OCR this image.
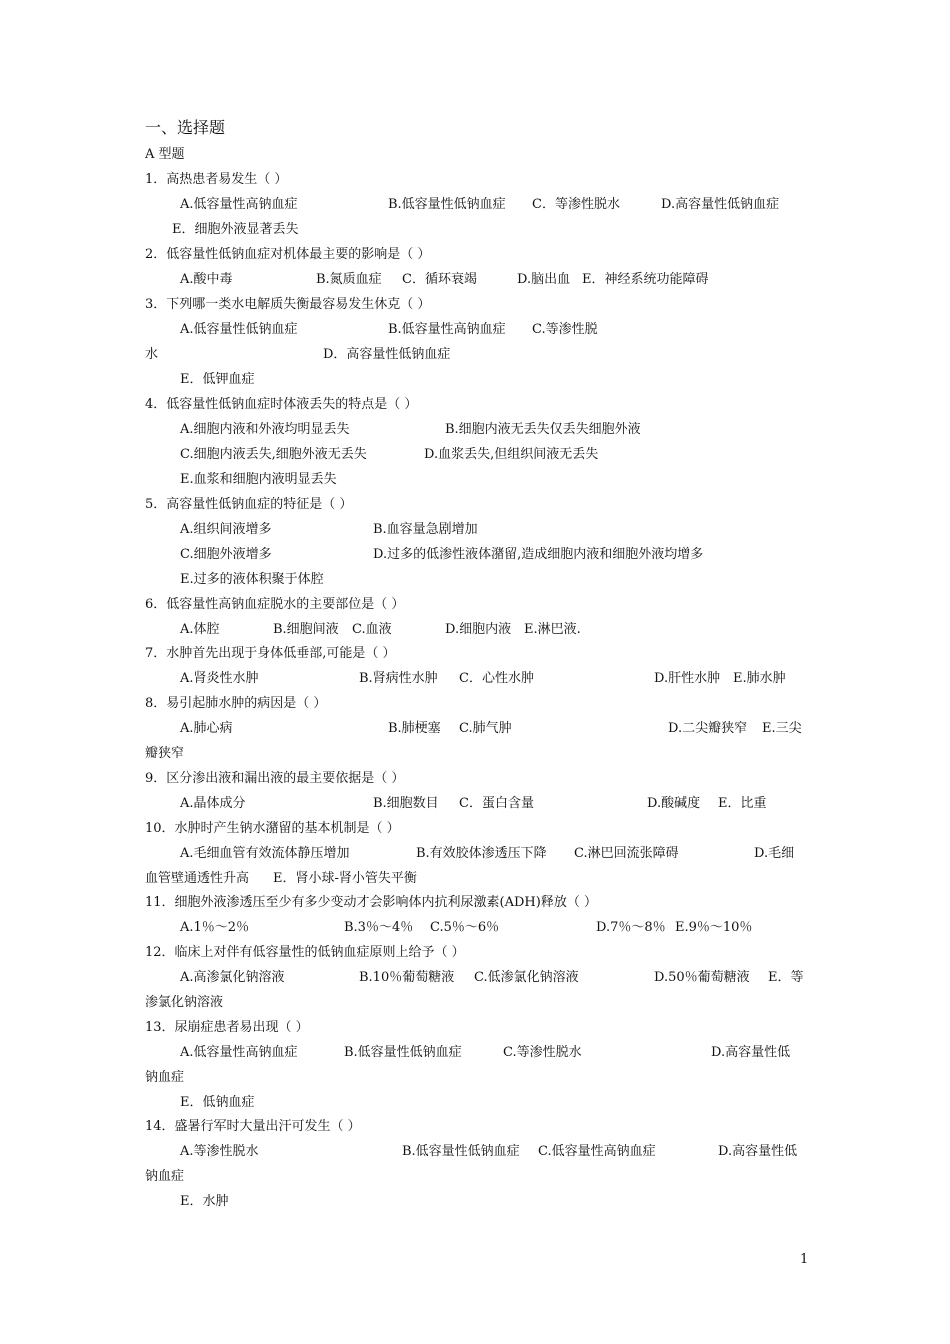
一、选择题
A 型题
1．高热患者易发生（ ）
A.低容量性高钠血症	B.低容量性低钠血症 C．等渗性脱水	D.高容量性低钠血症
E．细胞外液显著丢失
2．低容量性低钠血症对机体最主要的影响是（ ）
A.酸中毒	B.氮质血症 C．循环衰竭	D.脑出血 E．神经系统功能障碍
3．下列哪一类水电解质失衡最容易发生休克（ ）
A.低容量性低钠血症	B.低容量性高钠血症 C.等渗性脱
水	D．高容量性低钠血症
E．低钾血症
4．低容量性低钠血症时体液丢失的特点是（ ）
A.细胞内液和外液均明显丢失	B.细胞内液无丢失仅丢失细胞外液
C.细胞内液丢失,细胞外液无丢失	D.血浆丢失,但组织间液无丢失
E.血浆和细胞内液明显丢失
5．高容量性低钠血症的特征是（ ）
A.组织间液增多	B.血容量急剧增加
C.细胞外液增多	D.过多的低渗性液体潴留,造成细胞内液和细胞外液均增多
E.过多的液体积聚于体腔
6．低容量性高钠血症脱水的主要部位是（ ）
A.体腔	B.细胞间液 C.血液	D.细胞内液 E.淋巴液.
7．水肿首先出现于身体低垂部,可能是（ ）
A.肾炎性水肿	B.肾病性水肿 C．心性水肿	D.肝性水肿 E.肺水肿
8．易引起肺水肿的病因是（ ）
A.肺心病	B.肺梗塞 C.肺气肿	D.二尖瓣狭窄 E.三尖
瓣狭窄
9．区分渗出液和漏出液的最主要依据是（ ）
A.晶体成分	B.细胞数目 C．蛋白含量	D.酸碱度 E．比重
10．水肿时产生钠水潴留的基本机制是（ ）
A.毛细血管有效流体静压增加	B.有效胶体渗透压下降 C.淋巴回流张障碍	D.毛细
血管壁通透性升高 E．肾小球-肾小管失平衡
11．细胞外液渗透压至少有多少变动才会影响体内抗利尿激素(ADH)释放（ ）
A.1％～2％	B.3％～4％ C.5％～6％	D.7％～8％ E.9％～10％
12．临床上对伴有低容量性的低钠血症原则上给予（ ）
A.高渗氯化钠溶液	B.10％葡萄糖液 C.低渗氯化钠溶液	D.50％葡萄糖液 E．等
渗氯化钠溶液
13．尿崩症患者易出现（ ）
A.低容量性高钠血症	B.低容量性低钠血症	C.等渗性脱水	D.高容量性低
钠血症
E．低钠血症
14．盛暑行军时大量出汗可发生（ ）
A.等渗性脱水	B.低容量性低钠血症 C.低容量性高钠血症	D.高容量性低
钠血症
E．水肿
1
